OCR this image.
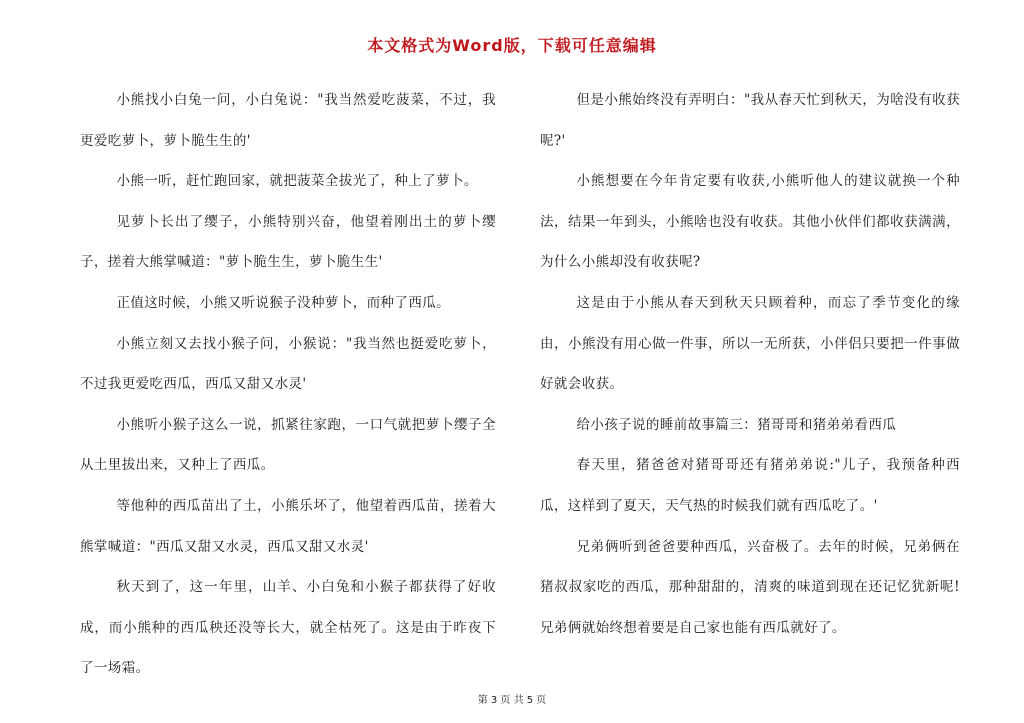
本文格式为Word版，下载可任意编辑

小熊找小白兔一问，小白兔说："我当然爱吃菠菜，不过，我更爱吃萝卜，萝卜脆生生的'

小熊一听，赶忙跑回家，就把菠菜全拔光了，种上了萝卜。

见萝卜长出了缨子，小熊特别兴奋，他望着刚出土的萝卜缨子，搓着大熊掌喊道："萝卜脆生生，萝卜脆生生'

正值这时候，小熊又听说猴子没种萝卜，而种了西瓜。

小熊立刻又去找小猴子问，小猴说："我当然也挺爱吃萝卜，不过我更爱吃西瓜，西瓜又甜又水灵'

小熊听小猴子这么一说，抓紧往家跑，一口气就把萝卜缨子全从土里拔出来，又种上了西瓜。

等他种的西瓜苗出了土，小熊乐坏了，他望着西瓜苗，搓着大熊掌喊道："西瓜又甜又水灵，西瓜又甜又水灵'

秋天到了，这一年里，山羊、小白兔和小猴子都获得了好收成，而小熊种的西瓜秧还没等长大，就全枯死了。这是由于昨夜下了一场霜。

但是小熊始终没有弄明白："我从春天忙到秋天，为啥没有收获呢?'

小熊想要在今年肯定要有收获,小熊听他人的建议就换一个种法，结果一年到头，小熊啥也没有收获。其他小伙伴们都收获满满，为什么小熊却没有收获呢?

这是由于小熊从春天到秋天只顾着种，而忘了季节变化的缘由，小熊没有用心做一件事，所以一无所获，小伴侣只要把一件事做好就会收获。

给小孩子说的睡前故事篇三：猪哥哥和猪弟弟看西瓜

春天里，猪爸爸对猪哥哥还有猪弟弟说:"儿子，我预备种西瓜，这样到了夏天，天气热的时候我们就有西瓜吃了。'

兄弟俩听到爸爸要种西瓜，兴奋极了。去年的时候，兄弟俩在猪叔叔家吃的西瓜，那种甜甜的，清爽的味道到现在还记忆犹新呢!兄弟俩就始终想着要是自己家也能有西瓜就好了。

第 3 页 共 5 页
